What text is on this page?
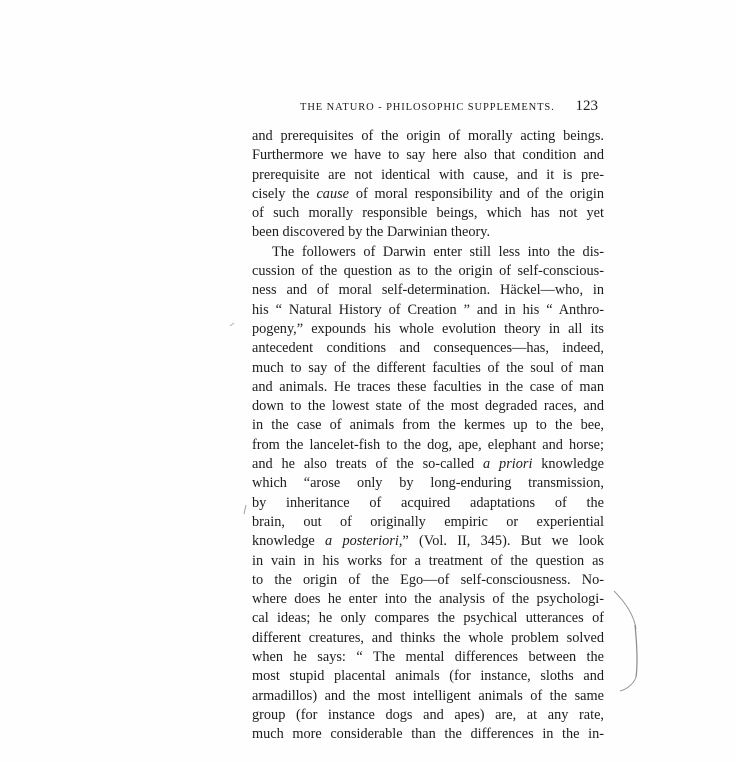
THE NATURO - PHILOSOPHIC SUPPLEMENTS. 123
and prerequisites of the origin of morally acting beings.
Furthermore we have to say here also that condition and
prerequisite are not identical with cause, and it is pre-
cisely the cause of moral responsibility and of the origin
of such morally responsible beings, which has not yet
been discovered by the Darwinian theory.
The followers of Darwin enter still less into the dis-
cussion of the question as to the origin of self-conscious-
ness and of moral self-determination. Häckel—who, in
his “ Natural History of Creation ” and in his “ Anthro-
pogeny,” expounds his whole evolution theory in all its
antecedent conditions and consequences—has, indeed,
much to say of the different faculties of the soul of man
and animals. He traces these faculties in the case of man
down to the lowest state of the most degraded races, and
in the case of animals from the kermes up to the bee,
from the lancelet-fish to the dog, ape, elephant and horse;
and he also treats of the so-called a priori knowledge
which “arose only by long-enduring transmission,
by inheritance of acquired adaptations of the
brain, out of originally empiric or experiential
knowledge a posteriori,” (Vol. II, 345). But we look
in vain in his works for a treatment of the question as
to the origin of the Ego—of self-consciousness. No-
where does he enter into the analysis of the psychologi-
cal ideas; he only compares the psychical utterances of
different creatures, and thinks the whole problem solved
when he says: “ The mental differences between the
most stupid placental animals (for instance, sloths and
armadillos) and the most intelligent animals of the same
group (for instance dogs and apes) are, at any rate,
much more considerable than the differences in the in-
